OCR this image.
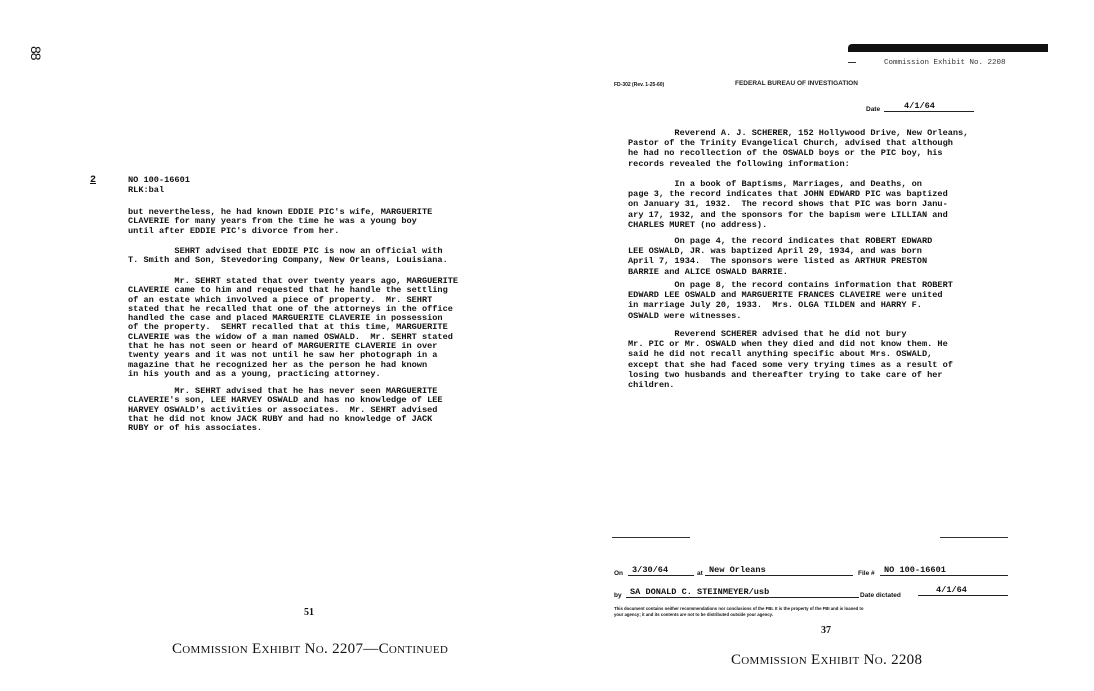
88
2	NO 100-16601
RLK:bal
but nevertheless, he had known EDDIE PIC's wife, MARGUERITE
CLAVERIE for many years from the time he was a young boy
until after EDDIE PIC's divorce from her.
SEHRT advised that EDDIE PIC is now an official with
T. Smith and Son, Stevedoring Company, New Orleans, Louisiana.
Mr. SEHRT stated that over twenty years ago, MARGUERITE
CLAVERIE came to him and requested that he handle the settling
of an estate which involved a piece of property.  Mr. SEHRT
stated that he recalled that one of the attorneys in the office
handled the case and placed MARGUERITE CLAVERIE in possession
of the property.  SEHRT recalled that at this time, MARGUERITE
CLAVERIE was the widow of a man named OSWALD.  Mr. SEHRT stated
that he has not seen or heard of MARGUERITE CLAVERIE in over
twenty years and it was not until he saw her photograph in a
magazine that he recognized her as the person he had known
in his youth and as a young, practicing attorney.
Mr. SEHRT advised that he has never seen MARGUERITE
CLAVERIE's son, LEE HARVEY OSWALD and has no knowledge of LEE
HARVEY OSWALD's activities or associates.  Mr. SEHRT advised
that he did not know JACK RUBY and had no knowledge of JACK
RUBY or of his associates.
51
Commission Exhibit No. 2207—Continued
Commission Exhibit No. 2208
FD-302 (Rev. 1-25-60)	FEDERAL BUREAU OF INVESTIGATION
Date	4/1/64
Reverend A. J. SCHERER, 152 Hollywood Drive, New Orleans,
Pastor of the Trinity Evangelical Church, advised that although
he had no recollection of the OSWALD boys or the PIC boy, his
records revealed the following information:
In a book of Baptisms, Marriages, and Deaths, on
page 3, the record indicates that JOHN EDWARD PIC was baptized
on January 31, 1932.  The record shows that PIC was born Janu-
ary 17, 1932, and the sponsors for the bapism were LILLIAN and
CHARLES MURET (no address).
On page 4, the record indicates that ROBERT EDWARD
LEE OSWALD, JR. was baptized April 29, 1934, and was born
April 7, 1934.  The sponsors were listed as ARTHUR PRESTON
BARRIE and ALICE OSWALD BARRIE.
On page 8, the record contains information that ROBERT
EDWARD LEE OSWALD and MARGUERITE FRANCES CLAVEIRE were united
in marriage July 20, 1933.  Mrs. OLGA TILDEN and HARRY F.
OSWALD were witnesses.
Reverend SCHERER advised that he did not bury
Mr. PIC or Mr. OSWALD when they died and did not know them. He
said he did not recall anything specific about Mrs. OSWALD,
except that she had faced some very trying times as a result of
losing two husbands and thereafter trying to take care of her
children.
On	3/30/64	at New Orleans	File #	NO 100-16601
by SA DONALD C. STEINMEYER/usb	Date dictated
4/1/64
This document contains neither recommendations nor conclusions of the FBI. It is the property of the FBI and is loaned to
your agency; it and its contents are not to be distributed outside your agency.
37
Commission Exhibit No. 2208
